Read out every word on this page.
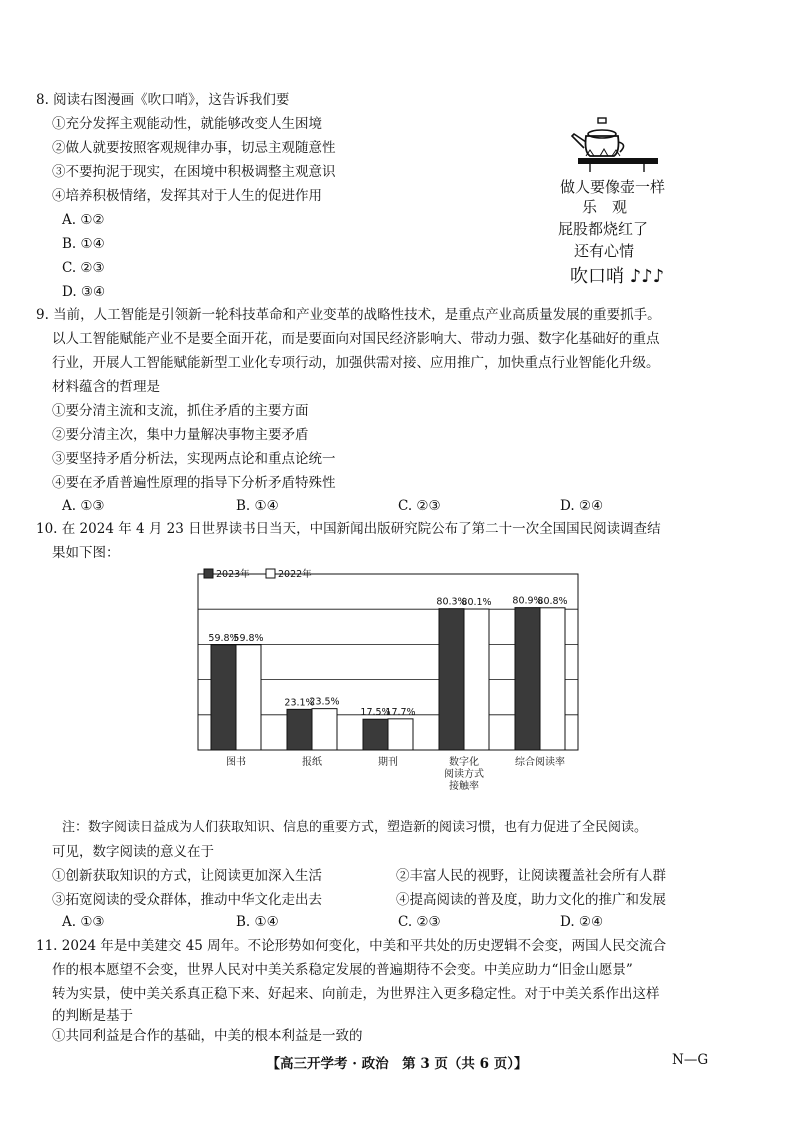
8. 阅读右图漫画《吹口哨》，这告诉我们要
①充分发挥主观能动性，就能够改变人生困境
②做人就要按照客观规律办事，切忌主观随意性
③不要拘泥于现实，在困境中积极调整主观意识
④培养积极情绪，发挥其对于人生的促进作用
A. ①②
B. ①④
C. ②③
D. ③④
做人要像壶一样
乐　观
屁股都烧红了
还有心情
吹口哨 ♪♪♪
9. 当前，人工智能是引领新一轮科技革命和产业变革的战略性技术，是重点产业高质量发展的重要抓手。
以人工智能赋能产业不是要全面开花，而是要面向对国民经济影响大、带动力强、数字化基础好的重点
行业，开展人工智能赋能新型工业化专项行动，加强供需对接、应用推广，加快重点行业智能化升级。
材料蕴含的哲理是
①要分清主流和支流，抓住矛盾的主要方面
②要分清主次，集中力量解决事物主要矛盾
③要坚持矛盾分析法，实现两点论和重点论统一
④要在矛盾普遍性原理的指导下分析矛盾特殊性
A. ①③	B. ①④	C. ②③	D. ②④
10. 在 2024 年 4 月 23 日世界读书日当天，中国新闻出版研究院公布了第二十一次全国国民阅读调查结
果如下图：
59.8%
59.8%
图书
23.1%
23.5%
报纸
17.5%
17.7%
期刊
80.3%
80.1%
数字化
阅读方式
接触率
80.9%
80.8%
综合阅读率
2023年	2022年
注：数字阅读日益成为人们获取知识、信息的重要方式，塑造新的阅读习惯，也有力促进了全民阅读。
可见，数字阅读的意义在于
①创新获取知识的方式，让阅读更加深入生活	②丰富人民的视野，让阅读覆盖社会所有人群
③拓宽阅读的受众群体，推动中华文化走出去	④提高阅读的普及度，助力文化的推广和发展
A. ①③	B. ①④	C. ②③	D. ②④
11. 2024 年是中美建交 45 周年。不论形势如何变化，中美和平共处的历史逻辑不会变，两国人民交流合
作的根本愿望不会变，世界人民对中美关系稳定发展的普遍期待不会变。中美应助力“旧金山愿景”
转为实景，使中美关系真正稳下来、好起来、向前走，为世界注入更多稳定性。对于中美关系作出这样
的判断是基于
①共同利益是合作的基础，中美的根本利益是一致的
【高三开学考 · 政治　第 3 页（共 6 页）】	N—G
